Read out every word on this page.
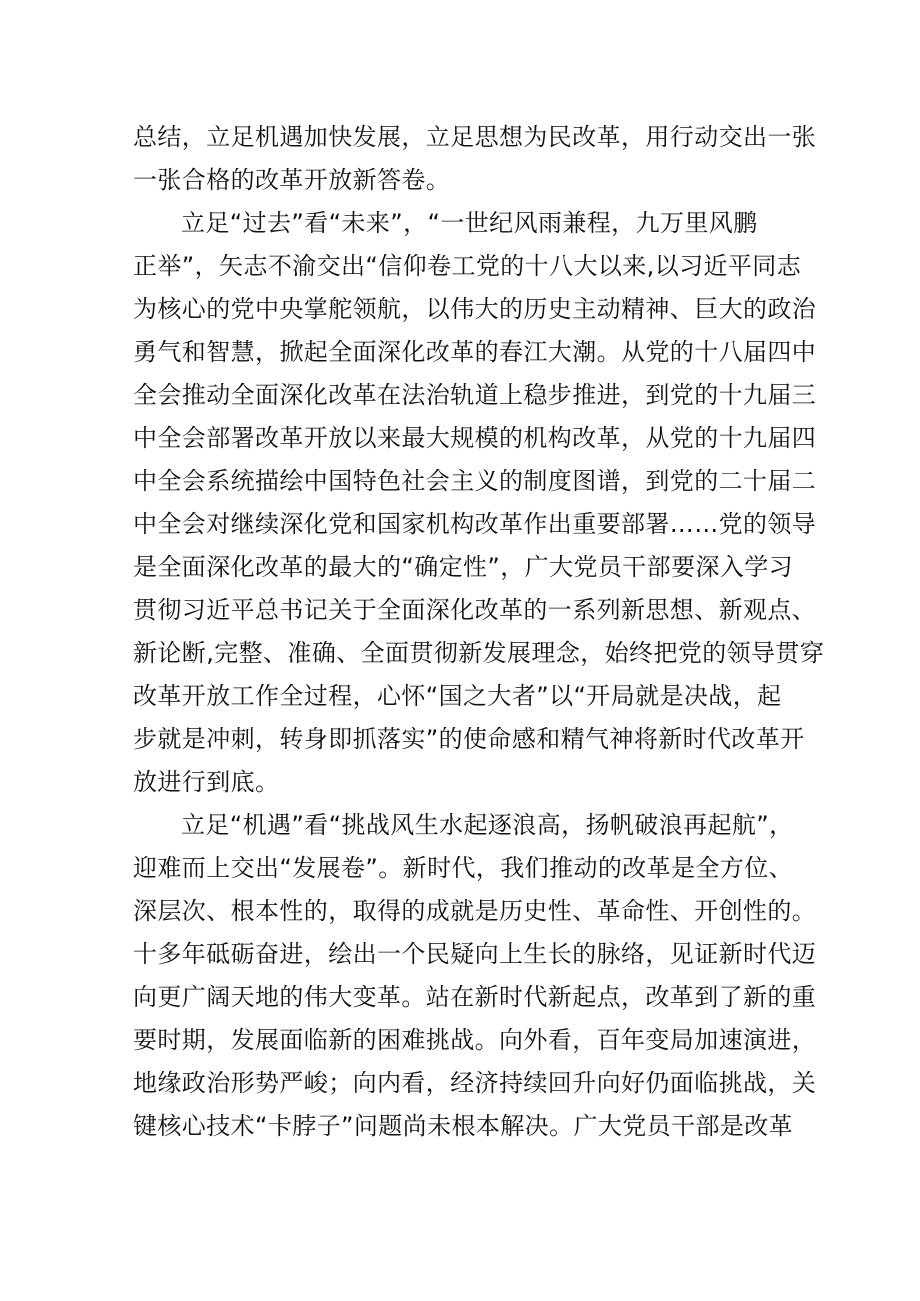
总结，立足机遇加快发展，立足思想为民改革，用行动交出一张
一张合格的改革开放新答卷。
立足“过去”看“未来”，“一世纪风雨兼程，九万里风鹏
正举”，矢志不渝交出“信仰卷工党的十八大以来,以习近平同志
为核心的党中央掌舵领航，以伟大的历史主动精神、巨大的政治
勇气和智慧，掀起全面深化改革的春江大潮。从党的十八届四中
全会推动全面深化改革在法治轨道上稳步推进，到党的十九届三
中全会部署改革开放以来最大规模的机构改革，从党的十九届四
中全会系统描绘中国特色社会主义的制度图谱，到党的二十届二
中全会对继续深化党和国家机构改革作出重要部署……党的领导
是全面深化改革的最大的“确定性”，广大党员干部要深入学习
贯彻习近平总书记关于全面深化改革的一系列新思想、新观点、
新论断,完整、准确、全面贯彻新发展理念，始终把党的领导贯穿
改革开放工作全过程，心怀“国之大者”以“开局就是决战，起
步就是冲刺，转身即抓落实”的使命感和精气神将新时代改革开
放进行到底。
立足“机遇”看“挑战风生水起逐浪高，扬帆破浪再起航”，
迎难而上交出“发展卷”。新时代，我们推动的改革是全方位、
深层次、根本性的，取得的成就是历史性、革命性、开创性的。
十多年砥砺奋进，绘出一个民疑向上生长的脉络，见证新时代迈
向更广阔天地的伟大变革。站在新时代新起点，改革到了新的重
要时期，发展面临新的困难挑战。向外看，百年变局加速演进，
地缘政治形势严峻；向内看，经济持续回升向好仍面临挑战，关
键核心技术“卡脖子”问题尚未根本解决。广大党员干部是改革
